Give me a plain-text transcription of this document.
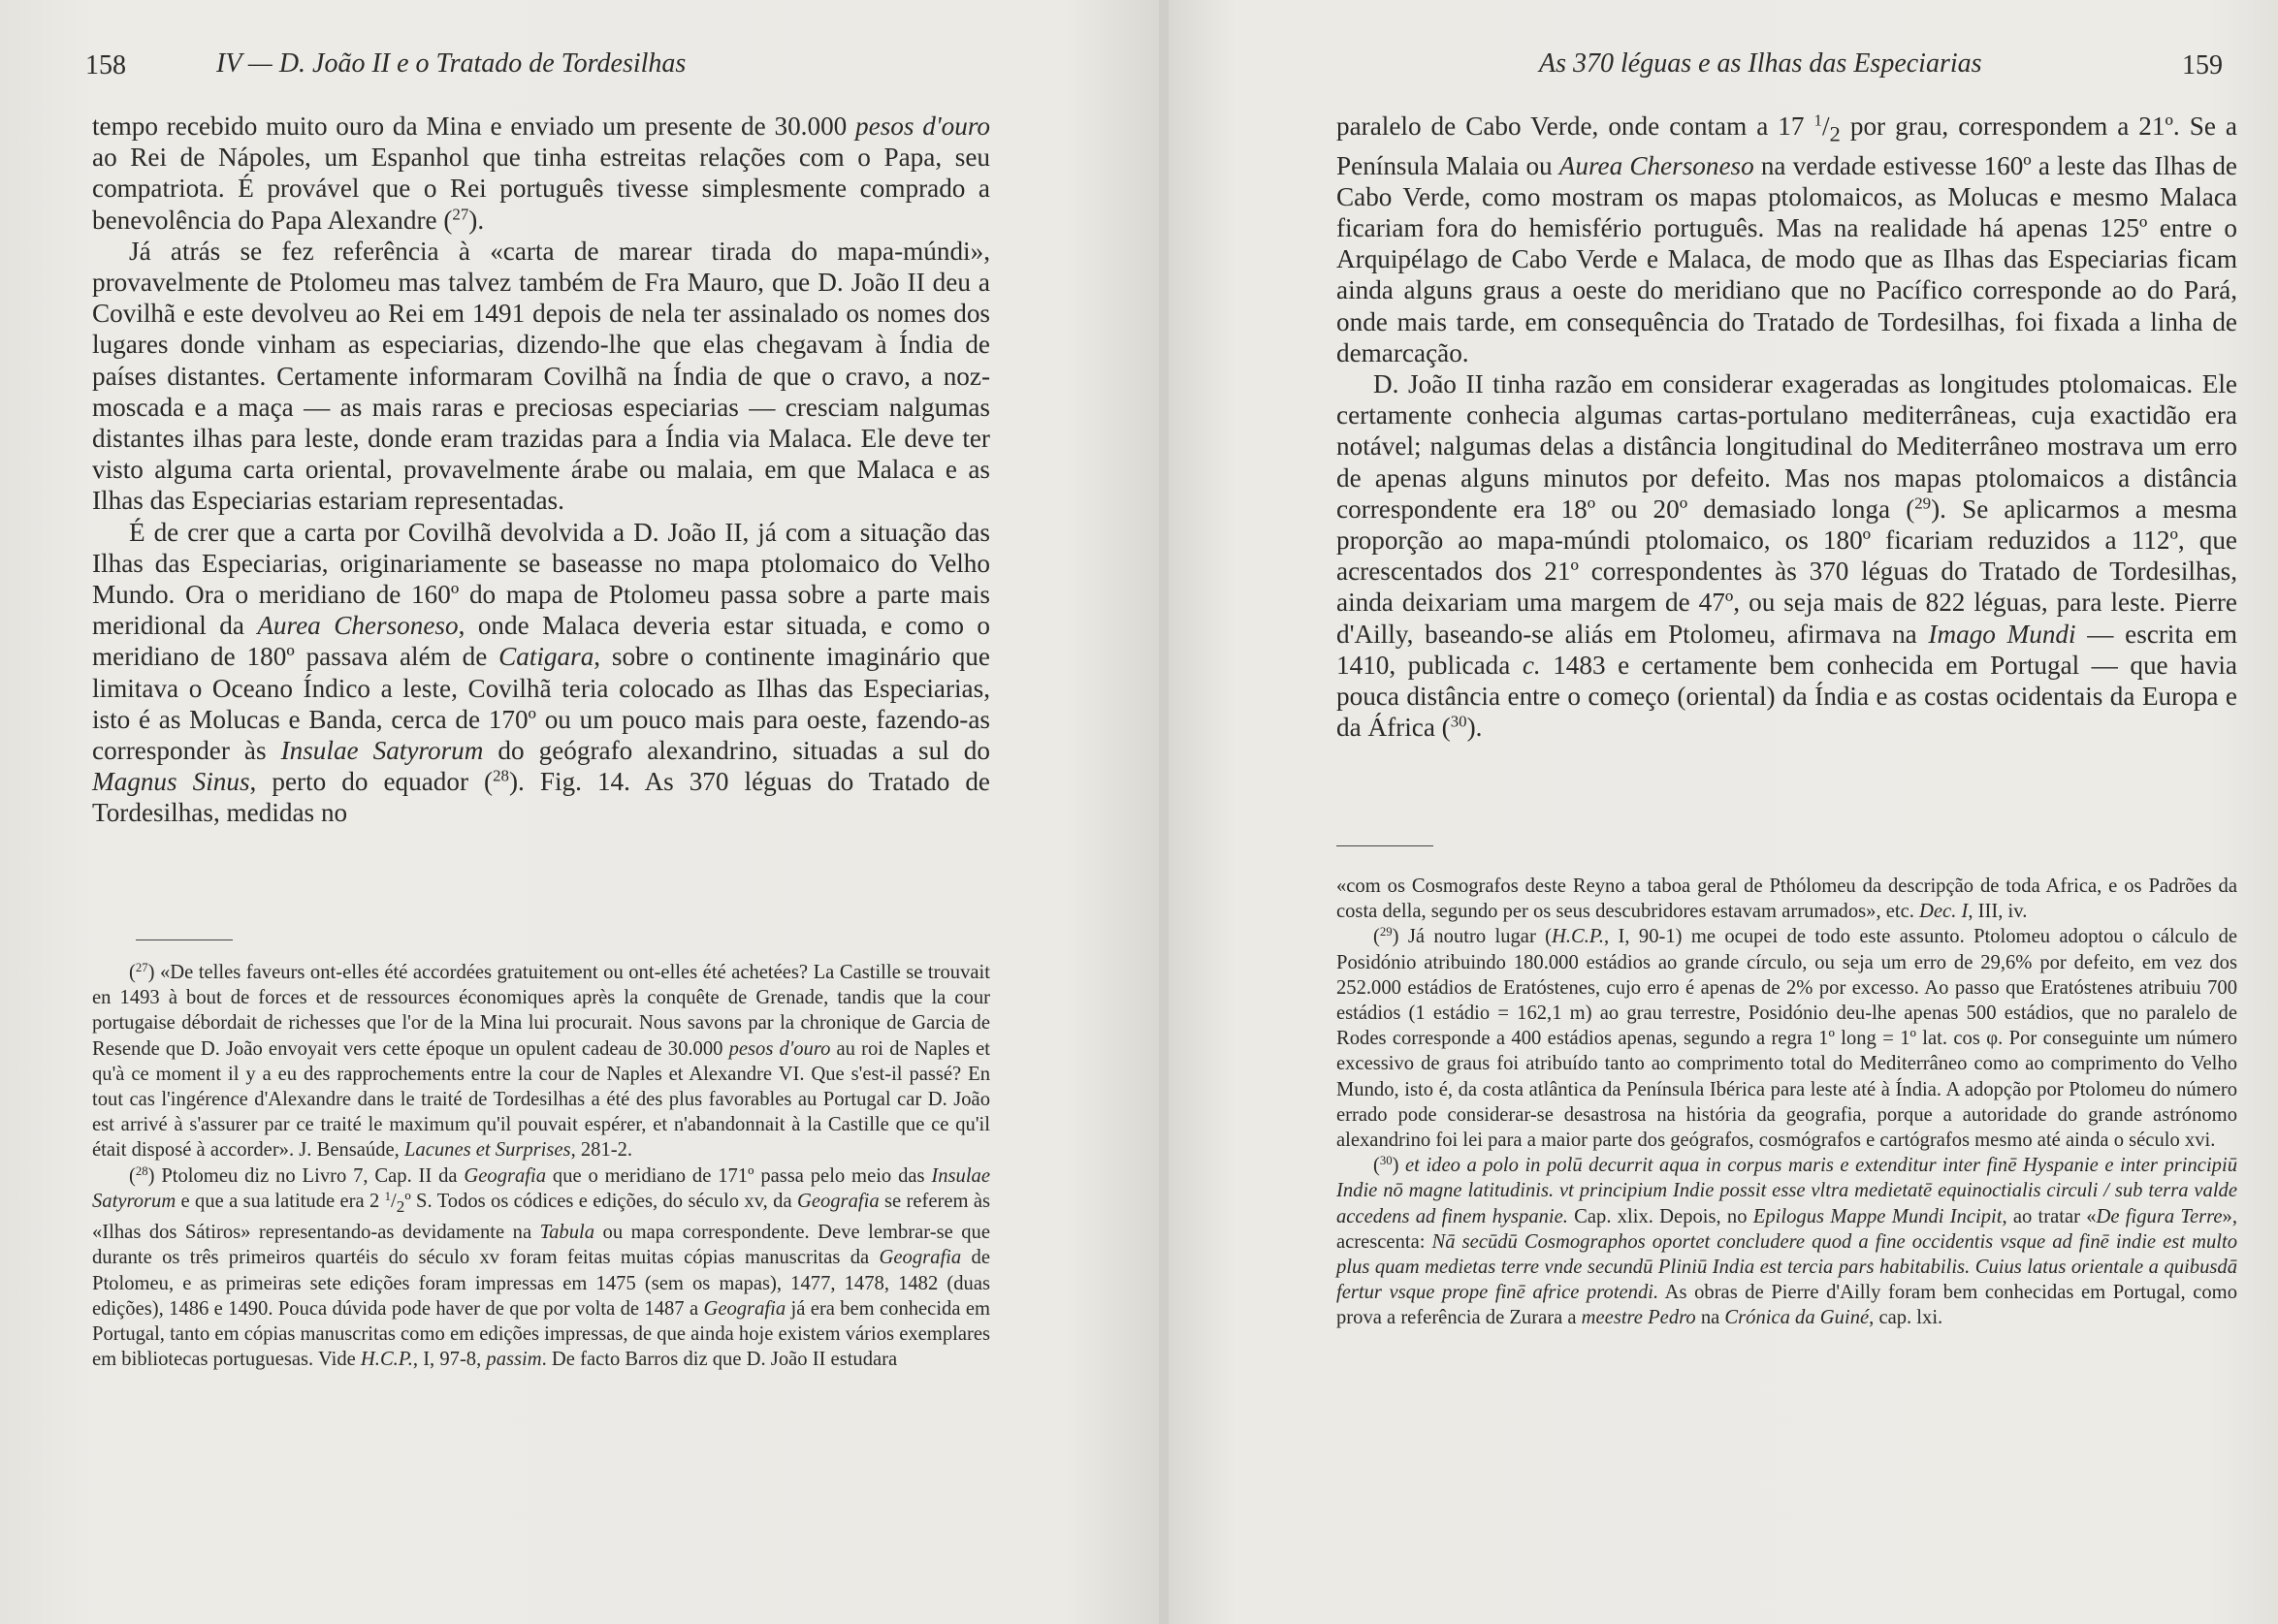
158	IV — D. João II e o Tratado de Tordesilhas

tempo recebido muito ouro da Mina e enviado um presente de 30.000 pesos d'ouro ao Rei de Nápoles, um Espanhol que tinha estreitas relações com o Papa, seu compatriota. É provável que o Rei português tivesse simplesmente comprado a benevolência do Papa Alexandre ($^{27}$).

Já atrás se fez referência à «carta de marear tirada do mapa-múndi», provavelmente de Ptolomeu mas talvez também de Fra Mauro, que D. João II deu a Covilhã e este devolveu ao Rei em 1491 depois de nela ter assinalado os nomes dos lugares donde vinham as especiarias, dizendo-lhe que elas chegavam à Índia de países distantes. Certamente informaram Covilhã na Índia de que o cravo, a noz-moscada e a maça — as mais raras e preciosas especiarias — cresciam nalgumas distantes ilhas para leste, donde eram trazidas para a Índia via Malaca. Ele deve ter visto alguma carta oriental, provavelmente árabe ou malaia, em que Malaca e as Ilhas das Especiarias estariam representadas.

É de crer que a carta por Covilhã devolvida a D. João II, já com a situação das Ilhas das Especiarias, originariamente se baseasse no mapa ptolomaico do Velho Mundo. Ora o meridiano de 160º do mapa de Ptolomeu passa sobre a parte mais meridional da Aurea Chersoneso, onde Malaca deveria estar situada, e como o meridiano de 180º passava além de Catigara, sobre o continente imaginário que limitava o Oceano Índico a leste, Covilhã teria colocado as Ilhas das Especiarias, isto é as Molucas e Banda, cerca de 170º ou um pouco mais para oeste, fazendo-as corresponder às Insulae Satyrorum do geógrafo alexandrino, situadas a sul do Magnus Sinus, perto do equador ($^{28}$). Fig. 14. As 370 léguas do Tratado de Tordesilhas, medidas no

($^{27}$) «De telles faveurs ont-elles été accordées gratuitement ou ont-elles été achetées? La Castille se trouvait en 1493 à bout de forces et de ressources économiques après la conquête de Grenade, tandis que la cour portugaise débordait de richesses que l'or de la Mina lui procurait. Nous savons par la chronique de Garcia de Resende que D. João envoyait vers cette époque un opulent cadeau de 30.000 pesos d'ouro au roi de Naples et qu'à ce moment il y a eu des rapprochements entre la cour de Naples et Alexandre VI. Que s'est-il passé? En tout cas l'ingérence d'Alexandre dans le traité de Tordesilhas a été des plus favorables au Portugal car D. João est arrivé à s'assurer par ce traité le maximum qu'il pouvait espérer, et n'abandonnait à la Castille que ce qu'il était disposé à accorder». J. Bensaúde, Lacunes et Surprises, 281-2.

($^{28}$) Ptolomeu diz no Livro 7, Cap. II da Geografia que o meridiano de 171º passa pelo meio das Insulae Satyrorum e que a sua latitude era 2 $^1/_2º$ S. Todos os códices e edições, do século xv, da Geografia se referem às «Ilhas dos Sátiros» representando-as devidamente na Tabula ou mapa correspondente. Deve lembrar-se que durante os três primeiros quartéis do século xv foram feitas muitas cópias manuscritas da Geografia de Ptolomeu, e as primeiras sete edições foram impressas em 1475 (sem os mapas), 1477, 1478, 1482 (duas edições), 1486 e 1490. Pouca dúvida pode haver de que por volta de 1487 a Geografia já era bem conhecida em Portugal, tanto em cópias manuscritas como em edições impressas, de que ainda hoje existem vários exemplares em bibliotecas portuguesas. Vide H.C.P., I, 97-8, passim. De facto Barros diz que D. João II estudara

As 370 léguas e as Ilhas das Especiarias	159

paralelo de Cabo Verde, onde contam a 17 $^1/_2$ por grau, correspondem a 21º. Se a Península Malaia ou Aurea Chersoneso na verdade estivesse 160º a leste das Ilhas de Cabo Verde, como mostram os mapas ptolomaicos, as Molucas e mesmo Malaca ficariam fora do hemisfério português. Mas na realidade há apenas 125º entre o Arquipélago de Cabo Verde e Malaca, de modo que as Ilhas das Especiarias ficam ainda alguns graus a oeste do meridiano que no Pacífico corresponde ao do Pará, onde mais tarde, em consequência do Tratado de Tordesilhas, foi fixada a linha de demarcação.

D. João II tinha razão em considerar exageradas as longitudes ptolomaicas. Ele certamente conhecia algumas cartas-portulano mediterrâneas, cuja exactidão era notável; nalgumas delas a distância longitudinal do Mediterrâneo mostrava um erro de apenas alguns minutos por defeito. Mas nos mapas ptolomaicos a distância correspondente era 18º ou 20º demasiado longa ($^{29}$). Se aplicarmos a mesma proporção ao mapa-múndi ptolomaico, os 180º ficariam reduzidos a 112º, que acrescentados dos 21º correspondentes às 370 léguas do Tratado de Tordesilhas, ainda deixariam uma margem de 47º, ou seja mais de 822 léguas, para leste. Pierre d'Ailly, baseando-se aliás em Ptolomeu, afirmava na Imago Mundi — escrita em 1410, publicada c. 1483 e certamente bem conhecida em Portugal — que havia pouca distância entre o começo (oriental) da Índia e as costas ocidentais da Europa e da África ($^{30}$).

«com os Cosmografos deste Reyno a taboa geral de Pthólomeu da descripção de toda Africa, e os Padrões da costa della, segundo per os seus descubridores estavam arrumados», etc. Dec. I, III, iv.

($^{29}$) Já noutro lugar (H.C.P., I, 90-1) me ocupei de todo este assunto. Ptolomeu adoptou o cálculo de Posidónio atribuindo 180.000 estádios ao grande círculo, ou seja um erro de 29,6% por defeito, em vez dos 252.000 estádios de Eratóstenes, cujo erro é apenas de 2% por excesso. Ao passo que Eratóstenes atribuiu 700 estádios (1 estádio = 162,1 m) ao grau terrestre, Posidónio deu-lhe apenas 500 estádios, que no paralelo de Rodes corresponde a 400 estádios apenas, segundo a regra 1º long = 1º lat. cos φ. Por conseguinte um número excessivo de graus foi atribuído tanto ao comprimento total do Mediterrâneo como ao comprimento do Velho Mundo, isto é, da costa atlântica da Península Ibérica para leste até à Índia. A adopção por Ptolomeu do número errado pode considerar-se desastrosa na história da geografia, porque a autoridade do grande astrónomo alexandrino foi lei para a maior parte dos geógrafos, cosmógrafos e cartógrafos mesmo até ainda o século xvi.

($^{30}$) et ideo a polo in polū decurrit aqua in corpus maris e extenditur inter finē Hyspanie e inter principiū Indie nō magne latitudinis. vt principium Indie possit esse vltra medietatē equinoctialis circuli / sub terra valde accedens ad finem hyspanie. Cap. xlix. Depois, no Epilogus Mappe Mundi Incipit, ao tratar «De figura Terre», acrescenta: Nā secūdū Cosmographos oportet concludere quod a fine occidentis vsque ad finē indie est multo plus quam medietas terre vnde secundū Pliniū India est tercia pars habitabilis. Cuius latus orientale a quibusdā fertur vsque prope finē africe protendi. As obras de Pierre d'Ailly foram bem conhecidas em Portugal, como prova a referência de Zurara a meestre Pedro na Crónica da Guiné, cap. lxi.
